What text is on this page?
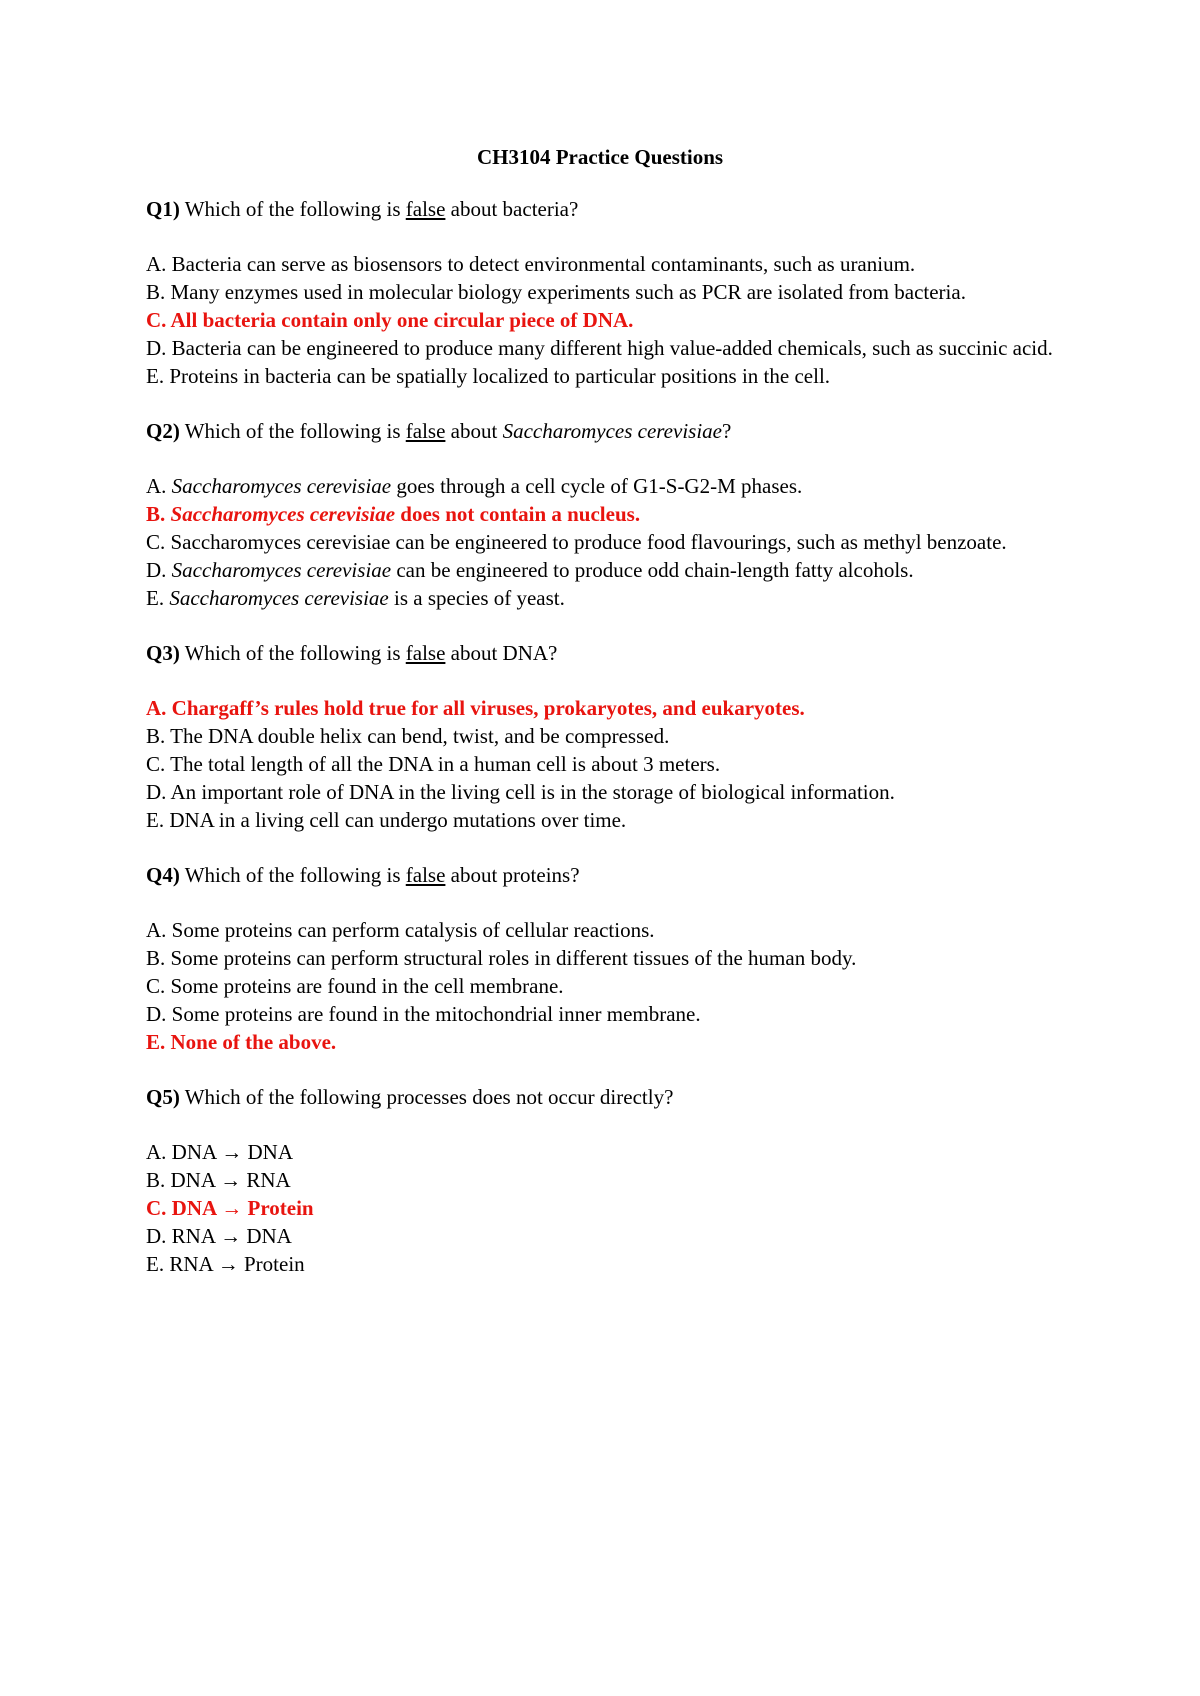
CH3104 Practice Questions
Q1) Which of the following is false about bacteria?
A. Bacteria can serve as biosensors to detect environmental contaminants, such as uranium.
B. Many enzymes used in molecular biology experiments such as PCR are isolated from bacteria.
C. All bacteria contain only one circular piece of DNA.
D. Bacteria can be engineered to produce many different high value-added chemicals, such as succinic acid.
E. Proteins in bacteria can be spatially localized to particular positions in the cell.
Q2) Which of the following is false about Saccharomyces cerevisiae?
A. Saccharomyces cerevisiae goes through a cell cycle of G1-S-G2-M phases.
B. Saccharomyces cerevisiae does not contain a nucleus.
C. Saccharomyces cerevisiae can be engineered to produce food flavourings, such as methyl benzoate.
D. Saccharomyces cerevisiae can be engineered to produce odd chain-length fatty alcohols.
E. Saccharomyces cerevisiae is a species of yeast.
Q3) Which of the following is false about DNA?
A. Chargaff’s rules hold true for all viruses, prokaryotes, and eukaryotes.
B. The DNA double helix can bend, twist, and be compressed.
C. The total length of all the DNA in a human cell is about 3 meters.
D. An important role of DNA in the living cell is in the storage of biological information.
E. DNA in a living cell can undergo mutations over time.
Q4) Which of the following is false about proteins?
A. Some proteins can perform catalysis of cellular reactions.
B. Some proteins can perform structural roles in different tissues of the human body.
C. Some proteins are found in the cell membrane.
D. Some proteins are found in the mitochondrial inner membrane.
E. None of the above.
Q5) Which of the following processes does not occur directly?
A. DNA → DNA
B. DNA → RNA
C. DNA → Protein
D. RNA → DNA
E. RNA → Protein
